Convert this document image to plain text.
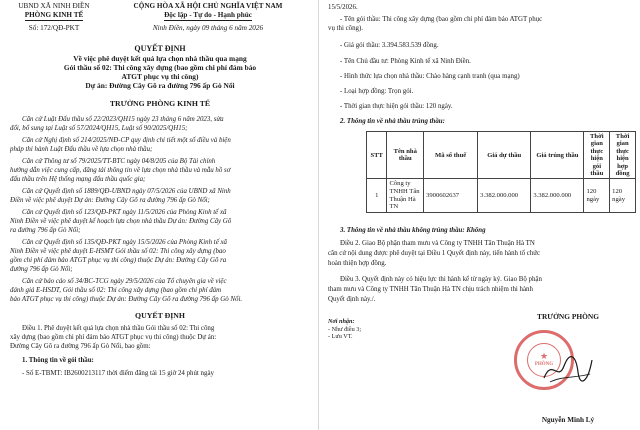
UBND XÃ NINH ĐIỀN
PHÒNG KINH TẾ
Số: 172/QĐ-PKT
CỘNG HÒA XÃ HỘI CHỦ NGHĨA VIỆT NAM
Độc lập - Tự do - Hạnh phúc
Ninh Điền, ngày 09 tháng 6 năm 2026
QUYẾT ĐỊNH
Về việc phê duyệt kết quả lựa chọn nhà thầu qua mạng
Gói thầu số 02: Thi công xây dựng (bao gồm chi phí đảm bảo
ATGT phục vụ thi công)
Dự án: Đường Cây Gõ ra đường 796 ấp Gò Nổi
TRƯỞNG PHÒNG KINH TẾ
Căn cứ Luật Đấu thầu số 22/2023/QH15 ngày 23 tháng 6 năm 2023, sửa
đổi, bổ sung tại Luật số 57/2024/QH15, Luật số 90/2025/QH15;
Căn cứ Nghị định số 214/2025/NĐ-CP quy định chi tiết một số điều và biện
pháp thi hành Luật Đấu thầu về lựa chọn nhà thầu;
Căn cứ Thông tư số 79/2025/TT-BTC ngày 04/8/205 của Bộ Tài chính
hướng dẫn việc cung cấp, đăng tải thông tin về lựa chọn nhà thầu và mẫu hồ sơ
đấu thầu trên Hệ thống mạng đấu thầu quốc gia;
Căn cứ Quyết định số 1889/QĐ-UBND ngày 07/5/2026 của UBND xã Ninh
Điền về việc phê duyệt Dự án: Đường Cây Gõ ra đường 796 ấp Gò Nổi;
Căn cứ Quyết định số 123/QĐ-PKT ngày 11/5/2026 của Phòng Kinh tế xã
Ninh Điền về việc phê duyệt kế hoạch lựa chọn nhà thầu Dự án: Đường Cây Gõ
ra đường 796 ấp Gò Nổi;
Căn cứ Quyết định số 135/QĐ-PKT ngày 15/5/2026 của Phòng Kinh tế xã
Ninh Điền về việc phê duyệt E-HSMT Gói thầu số 02: Thi công xây dựng (bao
gồm chi phí đảm bảo ATGT phục vụ thi công) thuộc Dự án: Đường Cây Gõ ra
đường 796 ấp Gò Nổi;
Căn cứ báo cáo số 34/BC-TCG ngày 29/5/2026 của Tổ chuyên gia về việc
đánh giá E-HSDT, Gói thầu số 02: Thi công xây dựng (bao gồm chi phí đảm
bảo ATGT phục vụ thi công) thuộc Dự án: Đường Cây Gõ ra đường 796 ấp Gò Nổi.
QUYẾT ĐỊNH
Điều 1. Phê duyệt kết quả lựa chọn nhà thầu Gói thầu số 02: Thi công
xây dựng (bao gồm chi phí đảm bảo ATGT phục vụ thi công) thuộc Dự án:
Đường Cây Gõ ra đường 796 ấp Gò Nổi, bao gồm:
1. Thông tin về gói thầu:
- Số E-TBMT: IB2600213117 thời điểm đăng tải 15 giờ 24 phút ngày
15/5/2026.
- Tên gói thầu: Thi công xây dựng (bao gồm chi phí đảm bảo ATGT phục
vụ thi công).
- Giá gói thầu: 3.394.583.539 đồng.
- Tên Chủ đầu tư: Phòng Kinh tế xã Ninh Điền.
- Hình thức lựa chọn nhà thầu: Chào hàng cạnh tranh (qua mạng)
- Loại hợp đồng: Trọn gói.
- Thời gian thực hiện gói thầu: 120 ngày.
2. Thông tin về nhà thầu trúng thầu:
STT	Tên nhà thầu	Mã số thuế	Giá dự thầu	Giá trúng thầu	Thời gian thực hiện gói thầu	Thời gian thực hiện hợp đồng
1	Công ty TNHH Tân Thuận Hà TN	3900602637	3.382.000.000	3.382.000.000	120 ngày	120 ngày
3. Thông tin về nhà thầu không trúng thầu: Không
Điều 2. Giao Bộ phận tham mưu và Công ty TNHH Tân Thuận Hà TN
căn cứ nội dung được phê duyệt tại Điều 1 Quyết định này, tiến hành tổ chức
hoàn thiện hợp đồng.
Điều 3. Quyết định này có hiệu lực thi hành kể từ ngày ký. Giao Bộ phận
tham mưu và Công ty TNHH Tân Thuận Hà TN chịu trách nhiệm thi hành
Quyết định này./.
Nơi nhận:
- Như điều 3;
- Lưu VT.
TRƯỞNG PHÒNG
★
PHÒNG
Nguyễn Minh Lý
